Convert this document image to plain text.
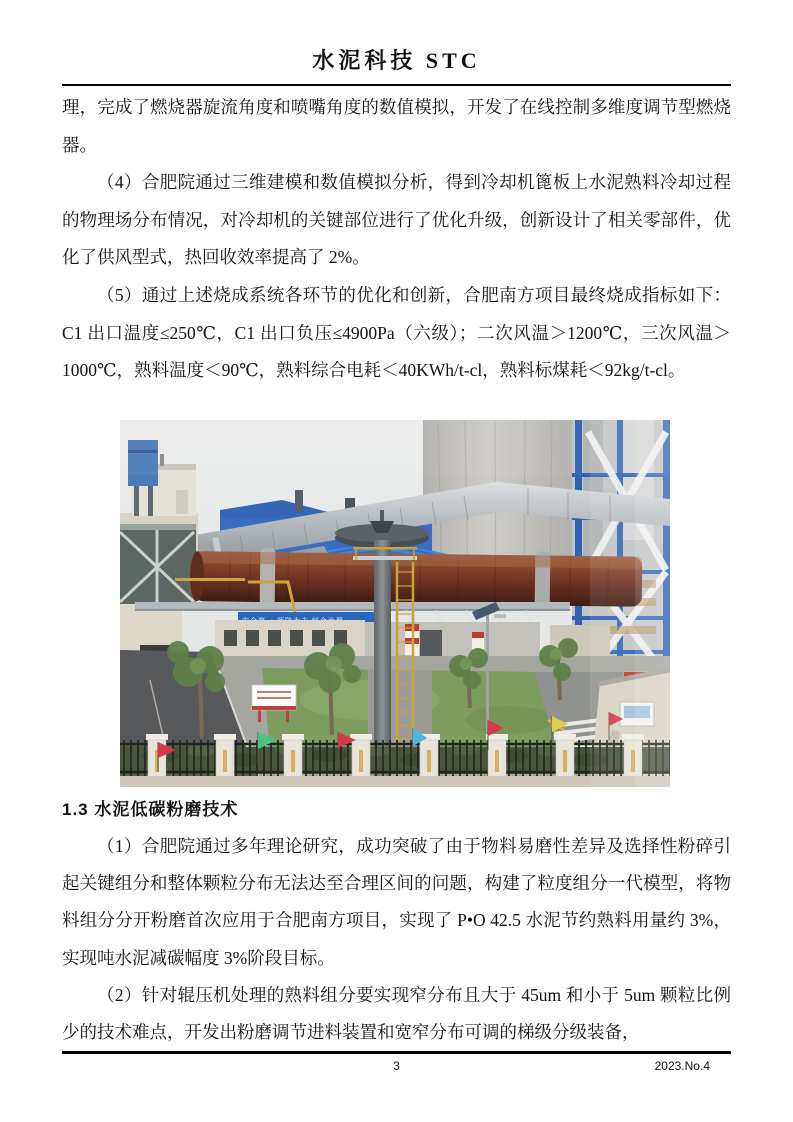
水泥科技 STC

理，完成了燃烧器旋流角度和喷嘴角度的数值模拟，开发了在线控制多维度调节型燃烧器。

（4）合肥院通过三维建模和数值模拟分析，得到冷却机篦板上水泥熟料冷却过程的物理场分布情况，对冷却机的关键部位进行了优化升级，创新设计了相关零部件，优化了供风型式，热回收效率提高了 2%。

（5）通过上述烧成系统各环节的优化和创新，合肥南方项目最终烧成指标如下：C1 出口温度≤250℃，C1 出口负压≤4900Pa（六级）；二次风温＞1200℃，三次风温＞1000℃，熟料温度＜90℃，熟料综合电耗＜40KWh/t-cl，熟料标煤耗＜92kg/t-cl。

1.3 水泥低碳粉磨技术

（1）合肥院通过多年理论研究，成功突破了由于物料易磨性差异及选择性粉碎引起关键组分和整体颗粒分布无法达至合理区间的问题，构建了粒度组分一代模型，将物料组分分开粉磨首次应用于合肥南方项目，实现了 P•O 42.5 水泥节约熟料用量约 3%，实现吨水泥减碳幅度 3%阶段目标。

（2）针对辊压机处理的熟料组分要实现窄分布且大于 45um 和小于 5um 颗粒比例少的技术难点，开发出粉磨调节进料装置和宽窄分布可调的梯级分级装备，

3	2023.No.4
